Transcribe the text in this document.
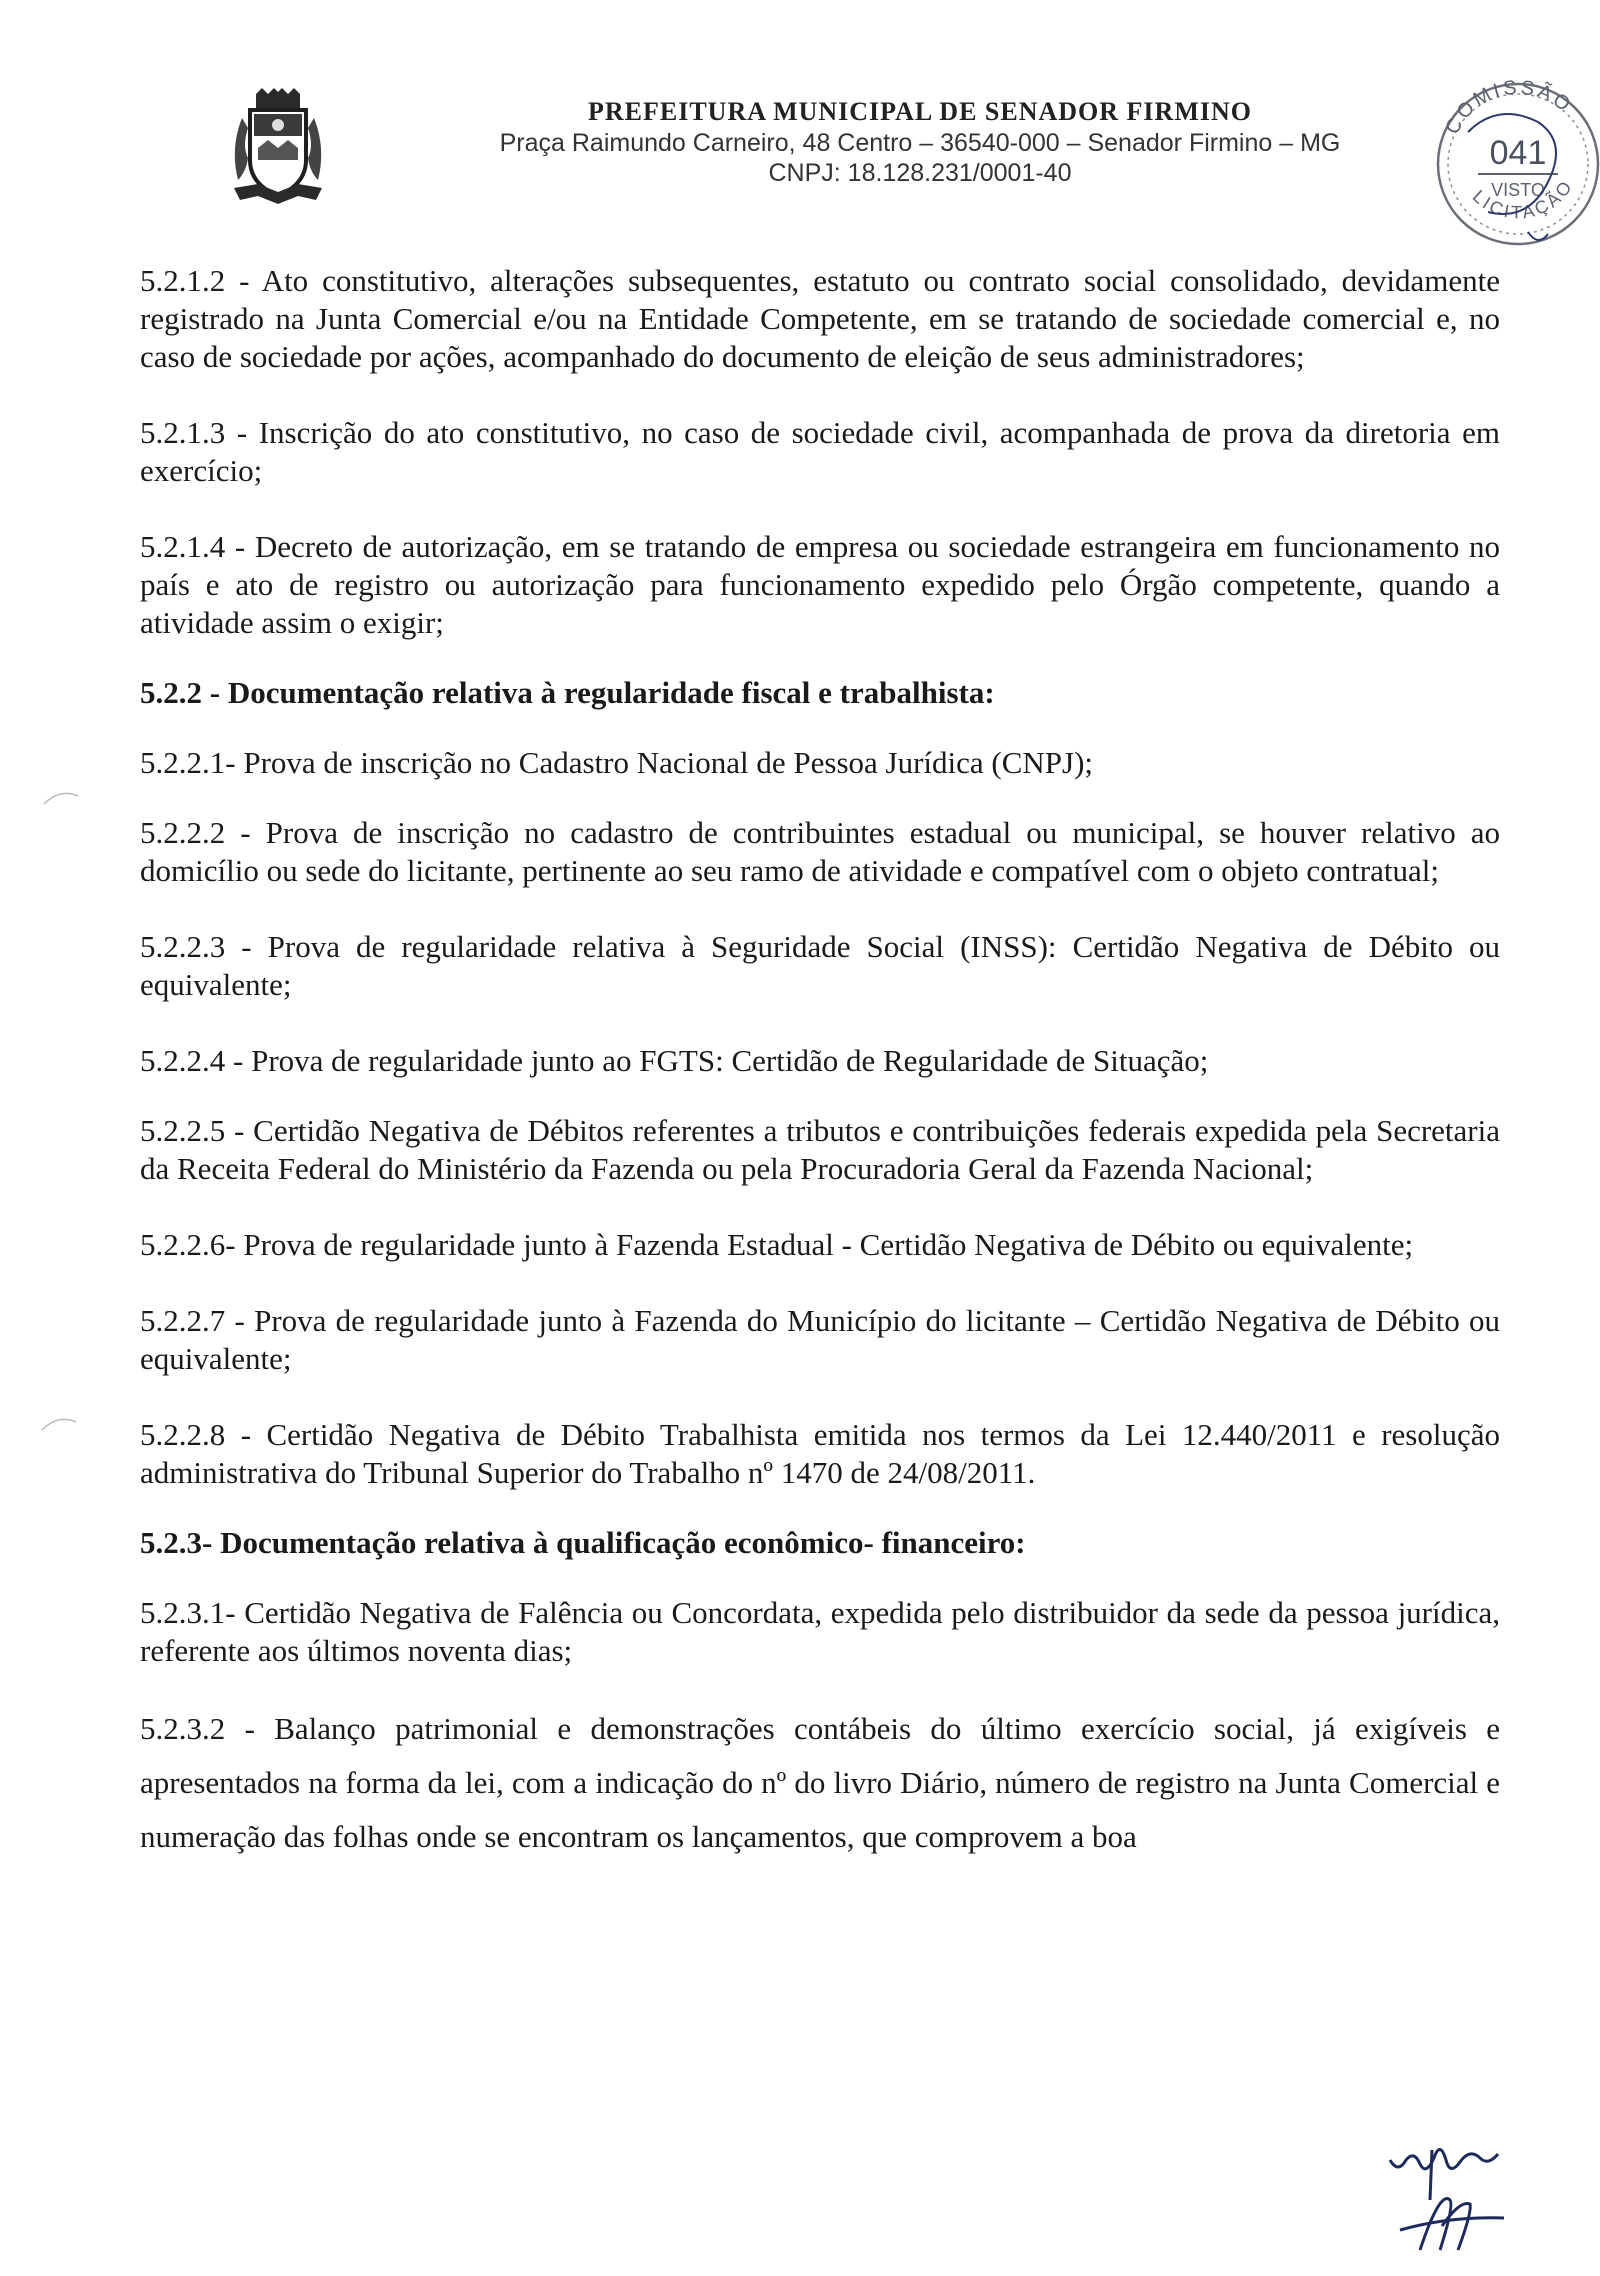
PREFEITURA MUNICIPAL DE SENADOR FIRMINO
Praça Raimundo Carneiro, 48 Centro – 36540-000 – Senador Firmino – MG
CNPJ: 18.128.231/0001-40
COMISSÃO
041
VISTO
LICITAÇÃO

5.2.1.2 - Ato constitutivo, alterações subsequentes, estatuto ou contrato social consolidado, devidamente registrado na Junta Comercial e/ou na Entidade Competente, em se tratando de sociedade comercial e, no caso de sociedade por ações, acompanhado do documento de eleição de seus administradores;

5.2.1.3 - Inscrição do ato constitutivo, no caso de sociedade civil, acompanhada de prova da diretoria em exercício;

5.2.1.4 - Decreto de autorização, em se tratando de empresa ou sociedade estrangeira em funcionamento no país e ato de registro ou autorização para funcionamento expedido pelo Órgão competente, quando a atividade assim o exigir;

5.2.2 - Documentação relativa à regularidade fiscal e trabalhista:

5.2.2.1- Prova de inscrição no Cadastro Nacional de Pessoa Jurídica (CNPJ);

5.2.2.2 - Prova de inscrição no cadastro de contribuintes estadual ou municipal, se houver relativo ao domicílio ou sede do licitante, pertinente ao seu ramo de atividade e compatível com o objeto contratual;

5.2.2.3 - Prova de regularidade relativa à Seguridade Social (INSS): Certidão Negativa de Débito ou equivalente;

5.2.2.4 - Prova de regularidade junto ao FGTS: Certidão de Regularidade de Situação;

5.2.2.5 - Certidão Negativa de Débitos referentes a tributos e contribuições federais expedida pela Secretaria da Receita Federal do Ministério da Fazenda ou pela Procuradoria Geral da Fazenda Nacional;

5.2.2.6- Prova de regularidade junto à Fazenda Estadual - Certidão Negativa de Débito ou equivalente;

5.2.2.7 - Prova de regularidade junto à Fazenda do Município do licitante – Certidão Negativa de Débito ou equivalente;

5.2.2.8 - Certidão Negativa de Débito Trabalhista emitida nos termos da Lei 12.440/2011 e resolução administrativa do Tribunal Superior do Trabalho nº 1470 de 24/08/2011.

5.2.3- Documentação relativa à qualificação econômico- financeiro:

5.2.3.1- Certidão Negativa de Falência ou Concordata, expedida pelo distribuidor da sede da pessoa jurídica, referente aos últimos noventa dias;

5.2.3.2 - Balanço patrimonial e demonstrações contábeis do último exercício social, já exigíveis e apresentados na forma da lei, com a indicação do nº do livro Diário, número de registro na Junta Comercial e numeração das folhas onde se encontram os lançamentos, que comprovem a boa
